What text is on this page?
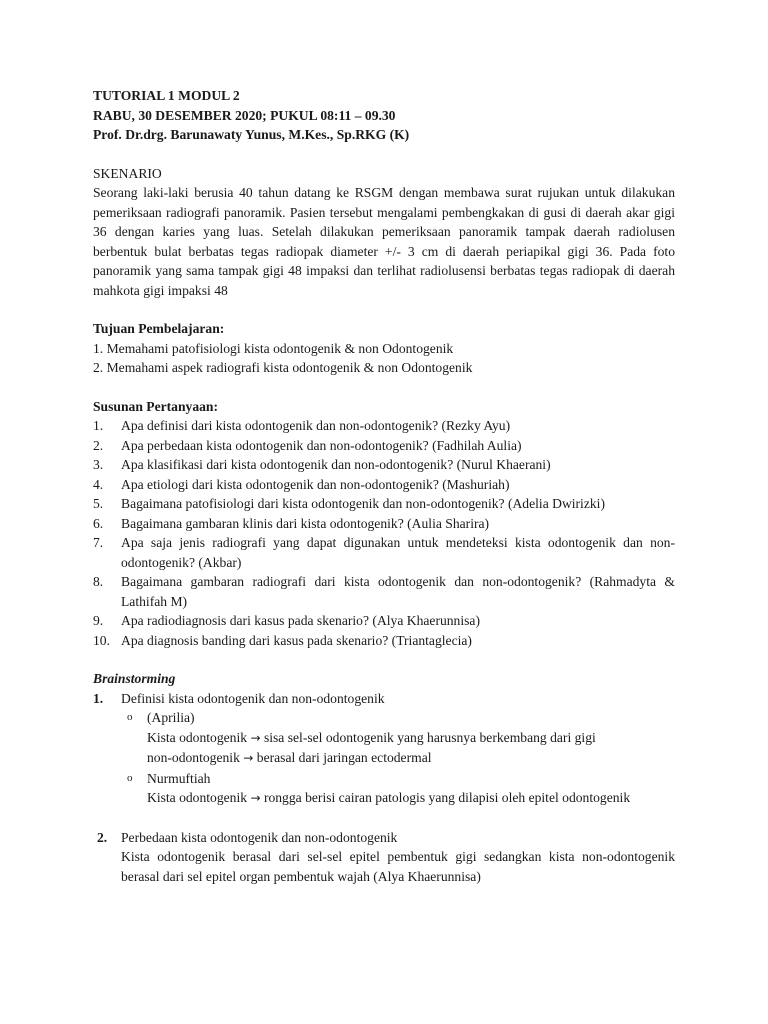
TUTORIAL 1 MODUL 2
RABU, 30 DESEMBER 2020; PUKUL 08:11 – 09.30
Prof. Dr.drg. Barunawaty Yunus, M.Kes., Sp.RKG (K)
SKENARIO

Seorang laki-laki berusia 40 tahun datang ke RSGM dengan membawa surat rujukan untuk dilakukan pemeriksaan radiografi panoramik. Pasien tersebut mengalami pembengkakan di gusi di daerah akar gigi 36 dengan karies yang luas. Setelah dilakukan pemeriksaan panoramik tampak daerah radiolusen berbentuk bulat berbatas tegas radiopak diameter +/- 3 cm di daerah periapikal gigi 36. Pada foto panoramik yang sama tampak gigi 48 impaksi dan terlihat radiolusensi berbatas tegas radiopak di daerah mahkota gigi impaksi 48

Tujuan Pembelajaran:
1. Memahami patofisiologi kista odontogenik & non Odontogenik
2. Memahami aspek radiografi kista odontogenik & non Odontogenik
Susunan Pertanyaan:
1.	Apa definisi dari kista odontogenik dan non-odontogenik? (Rezky Ayu)
2.	Apa perbedaan kista odontogenik dan non-odontogenik? (Fadhilah Aulia)
3.	Apa klasifikasi dari kista odontogenik dan non-odontogenik? (Nurul Khaerani)
4.	Apa etiologi dari kista odontogenik dan non-odontogenik? (Mashuriah)
5.	Bagaimana patofisiologi dari kista odontogenik dan non-odontogenik? (Adelia Dwirizki)
6.	Bagaimana gambaran klinis dari kista odontogenik? (Aulia Sharira)
7.	Apa saja jenis radiografi yang dapat digunakan untuk mendeteksi kista odontogenik dan non-odontogenik? (Akbar)
8.	Bagaimana gambaran radiografi dari kista odontogenik dan non-odontogenik? (Rahmadyta & Lathifah M)
9.	Apa radiodiagnosis dari kasus pada skenario? (Alya Khaerunnisa)
10. Apa diagnosis banding dari kasus pada skenario? (Triantaglecia)
Brainstorming
1.	Definisi kista odontogenik dan non-odontogenik
o	(Aprilia)
Kista odontogenik → sisa sel-sel odontogenik yang harusnya berkembang dari gigi
non-odontogenik → berasal dari jaringan ectodermal
o	Nurmuftiah
Kista odontogenik → rongga berisi cairan patologis yang dilapisi oleh epitel odontogenik
2.	Perbedaan kista odontogenik dan non-odontogenik
Kista odontogenik berasal dari sel-sel epitel pembentuk gigi sedangkan kista non-odontogenik berasal dari sel epitel organ pembentuk wajah (Alya Khaerunnisa)
